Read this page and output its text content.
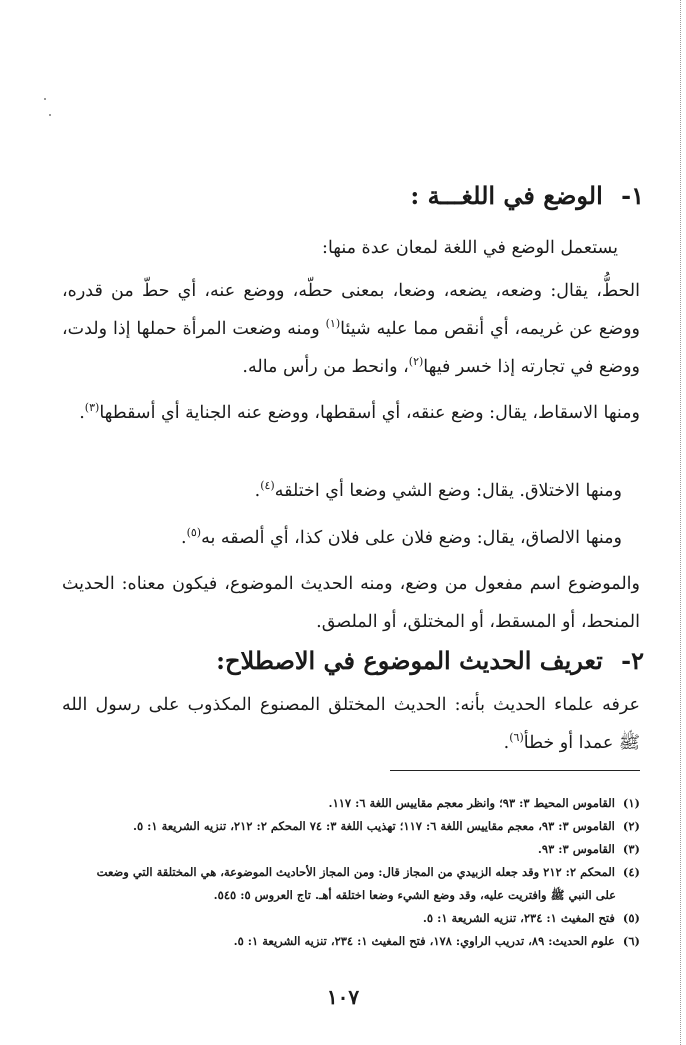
١- الوضع في اللغـــة :
يستعمل الوضع في اللغة لمعان عدة منها:
الحطُّ، يقال: وضعه، يضعه، وضعا، بمعنى حطّه، ووضع عنه، أي حطّ من قدره، ووضع عن غريمه، أي أنقص مما عليه شيئا$^{(١)}$ ومنه وضعت المرأة حملها إذا ولدت، ووضع في تجارته إذا خسر فيها$^{(٢)}$، وانحط من رأس ماله.
ومنها الاسقاط، يقال: وضع عنقه، أي أسقطها، ووضع عنه الجناية أي أسقطها$^{(٣)}$.
ومنها الاختلاق. يقال: وضع الشي وضعا أي اختلقه$^{(٤)}$.
ومنها الالصاق، يقال: وضع فلان على فلان كذا، أي ألصقه به$^{(٥)}$.
والموضوع اسم مفعول من وضع، ومنه الحديث الموضوع، فيكون معناه: الحديث المنحط، أو المسقط، أو المختلق، أو الملصق.
٢- تعريف الحديث الموضوع في الاصطلاح:
عرفه علماء الحديث بأنه: الحديث المختلق المصنوع المكذوب على رسول الله ﷺ عمدا أو خطأ$^{(٦)}$.
(١) القاموس المحيط ٣: ٩٣؛ وانظر معجم مقاييس اللغة ٦: ١١٧.
(٢) القاموس ٣: ٩٣، معجم مقاييس اللغة ٦: ١١٧؛ تهذيب اللغة ٣: ٧٤ المحكم ٢: ٢١٢، تنزيه الشريعة ١: ٥.
(٣) القاموس ٣: ٩٣.
(٤) المحكم ٢: ٢١٢ وقد جعله الزبيدي من المجاز قال: ومن المجاز الأحاديث الموضوعة، هي المختلقة التي وضعت
على النبي ﷺ وافتريت عليه، وقد وضع الشيء وضعا اختلقه أهـ. تاج العروس ٥: ٥٤٥.
(٥) فتح المغيث ١: ٢٣٤، تنزيه الشريعة ١: ٥.
(٦) علوم الحديث: ٨٩، تدريب الراوي: ١٧٨، فتح المغيث ١: ٢٣٤، تنزيه الشريعة ١: ٥.
١٠٧
